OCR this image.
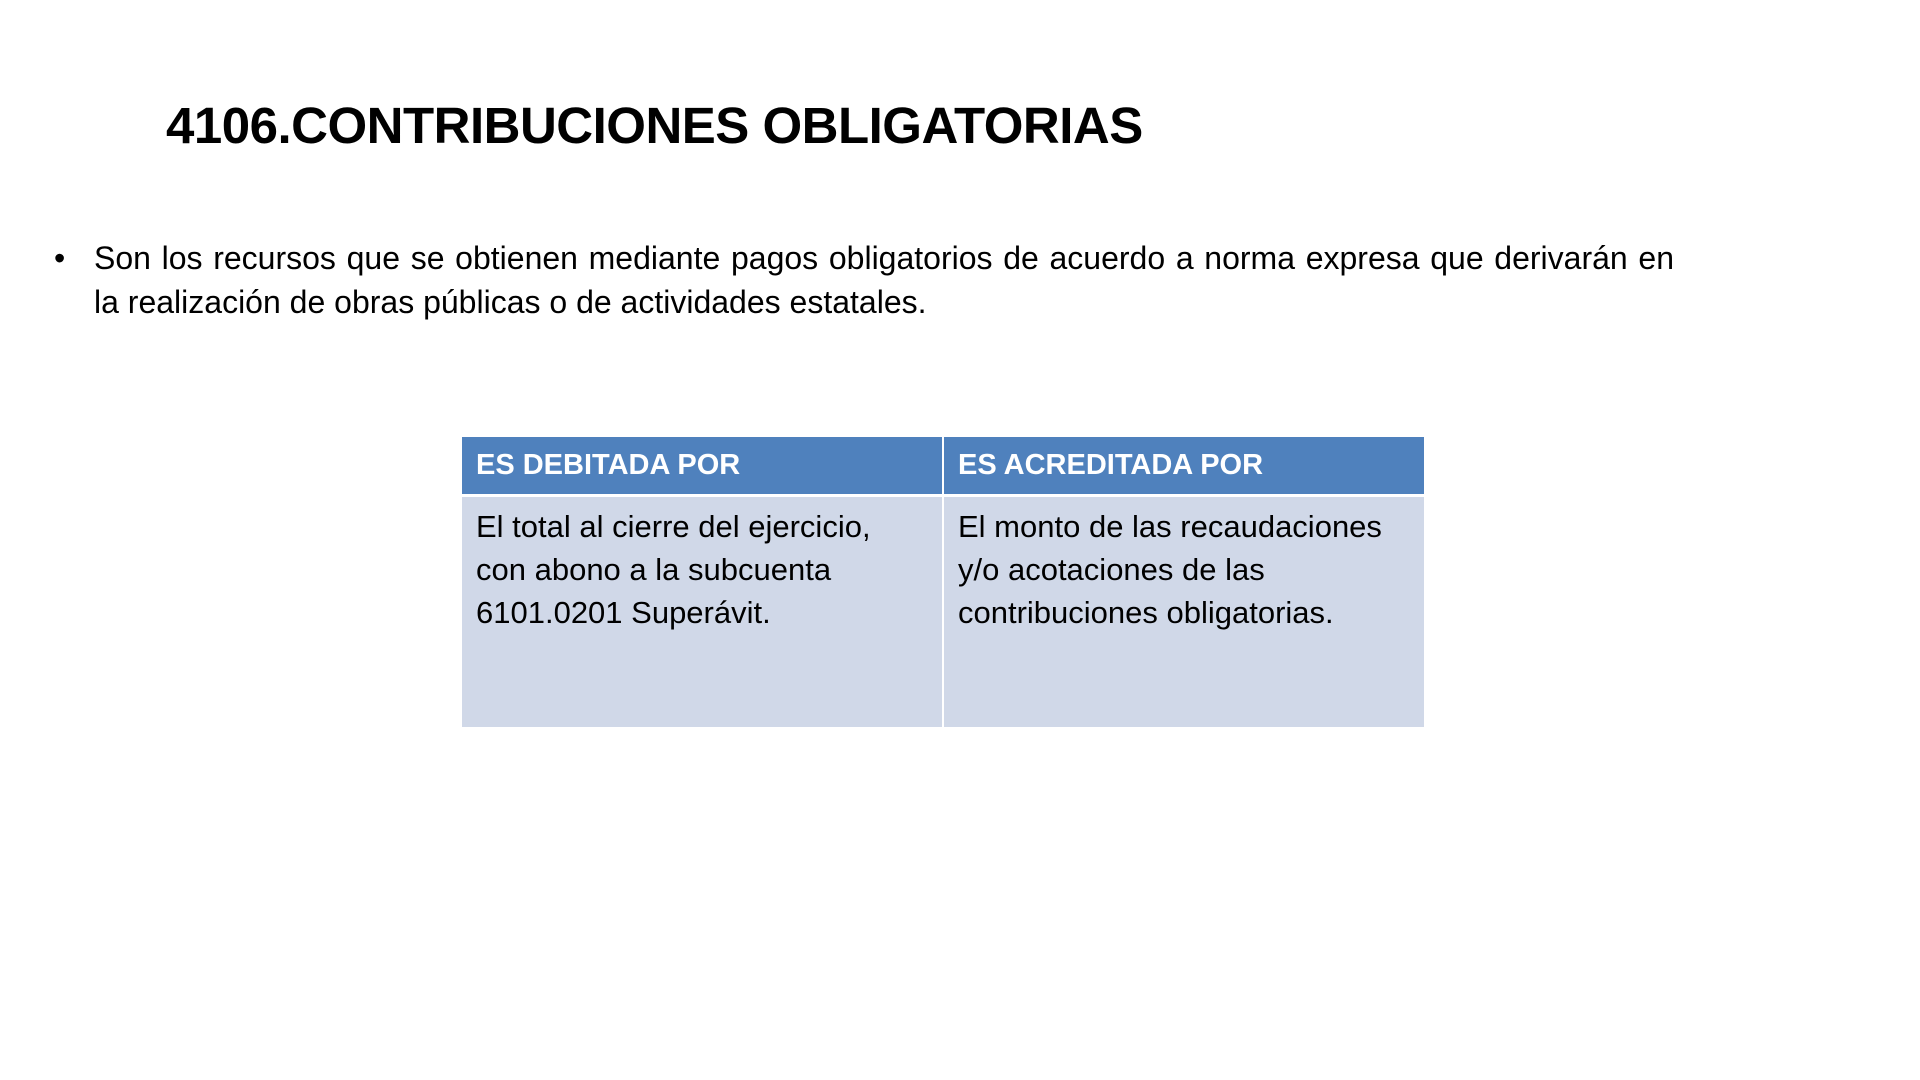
4106.CONTRIBUCIONES OBLIGATORIAS
• Son los recursos que se obtienen mediante pagos obligatorios de acuerdo a norma expresa que derivarán en la realización de obras públicas o de actividades estatales.
ES DEBITADA POR	ES ACREDITADA POR
El total al cierre del ejercicio, con abono a la subcuenta 6101.0201 Superávit.	El monto de las recaudaciones y/o acotaciones de las contribuciones obligatorias.
